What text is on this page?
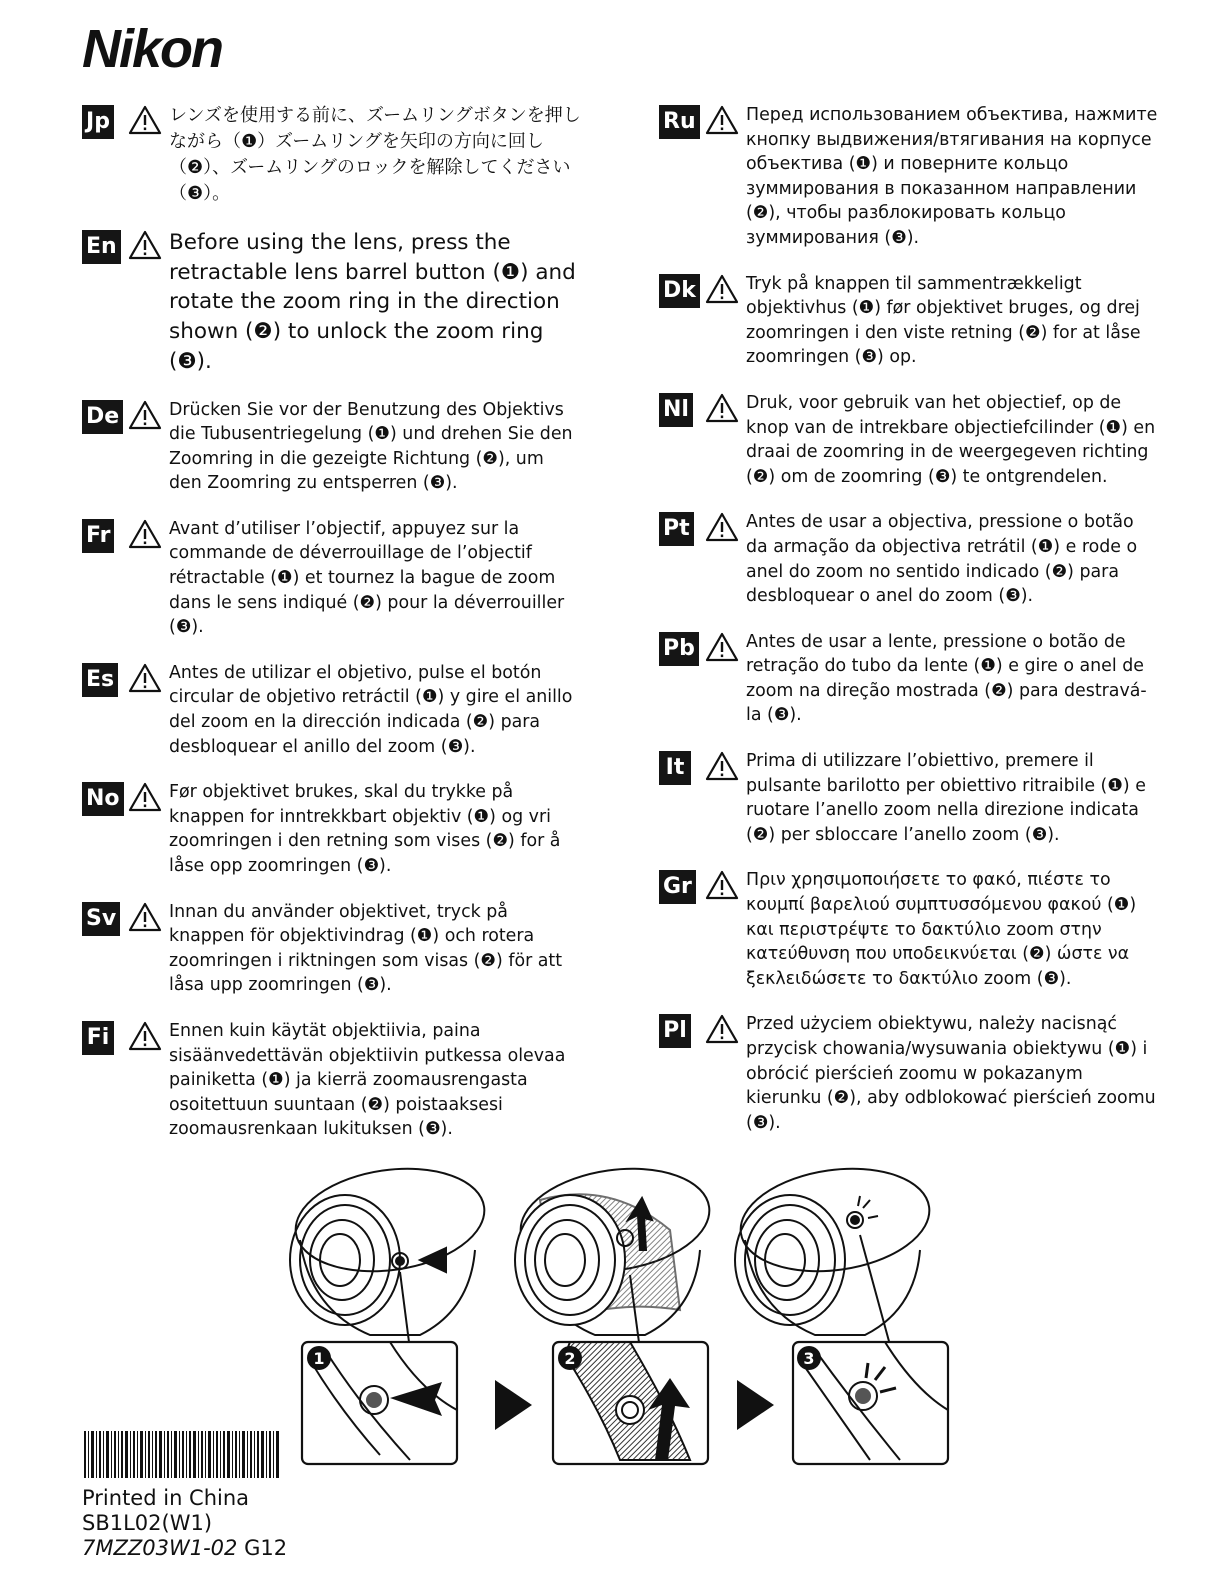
Nikon
Jp	レンズを使用する前に、ズームリングボタンを押しながら（❶）ズームリングを矢印の方向に回し（❷）、ズームリングのロックを解除してください（❸）。
En Before using the lens, press the retractable lens barrel button (❶) and rotate the zoom ring in the direction shown (❷) to unlock the zoom ring (❸).
De	Drücken Sie vor der Benutzung des Objektivs die Tubusentriegelung (❶) und drehen Sie den Zoomring in die gezeigte Richtung (❷), um den Zoomring zu entsperren (❸).
Fr	Avant d’utiliser l’objectif, appuyez sur la commande de déverrouillage de l’objectif rétractable (❶) et tournez la bague de zoom dans le sens indiqué (❷) pour la déverrouiller (❸).
Es	Antes de utilizar el objetivo, pulse el botón circular de objetivo retráctil (❶) y gire el anillo del zoom en la dirección indicada (❷) para desbloquear el anillo del zoom (❸).
No	Før objektivet brukes, skal du trykke på knappen for inntrekkbart objektiv (❶) og vri zoomringen i den retning som vises (❷) for å låse opp zoomringen (❸).
Sv	Innan du använder objektivet, tryck på knappen för objektivindrag (❶) och rotera zoomringen i riktningen som visas (❷) för att låsa upp zoomringen (❸).
Fi	Ennen kuin käytät objektiivia, paina sisäänvedettävän objektiivin putkessa olevaa painiketta (❶) ja kierrä zoomausrengasta osoitettuun suuntaan (❷) poistaaksesi zoomausrenkaan lukituksen (❸).
Ru	Перед использованием объектива, нажмите кнопку выдвижения/втягивания на корпусе объектива (❶) и поверните кольцо зуммирования в показанном направлении (❷), чтобы разблокировать кольцо зуммирования (❸).
Dk	Tryk på knappen til sammentrækkeligt objektivhus (❶) før objektivet bruges, og drej zoomringen i den viste retning (❷) for at låse zoomringen (❸) op.
Nl	Druk, voor gebruik van het objectief, op de knop van de intrekbare objectiefcilinder (❶) en draai de zoomring in de weergegeven richting (❷) om de zoomring (❸) te ontgrendelen.
Pt	Antes de usar a objectiva, pressione o botão da armação da objectiva retrátil (❶) e rode o anel do zoom no sentido indicado (❷) para desbloquear o anel do zoom (❸).
Pb	Antes de usar a lente, pressione o botão de retração do tubo da lente (❶) e gire o anel de zoom na direção mostrada (❷) para destravá-la (❸).
It	Prima di utilizzare l’obiettivo, premere il pulsante barilotto per obiettivo ritraibile (❶) e ruotare l’anello zoom nella direzione indicata (❷) per sbloccare l’anello zoom (❸).
Gr	Πριν χρησιμοποιήσετε το φακό, πιέστε το κουμπί βαρελιού συμπτυσσόμενου φακού (❶) και περιστρέψτε το δακτύλιο zoom στην κατεύθυνση που υποδεικνύεται (❷) ώστε να ξεκλειδώσετε το δακτύλιο zoom (❸).
Pl	Przed użyciem obiektywu, należy nacisnąć przycisk chowania/wysuwania obiektywu (❶) i obrócić pierścień zoomu w pokazanym kierunku (❷), aby odblokować pierścień zoomu (❸).
1	2	3
Printed in China
SB1L02(W1)
7MZZ03W1-02 G12
